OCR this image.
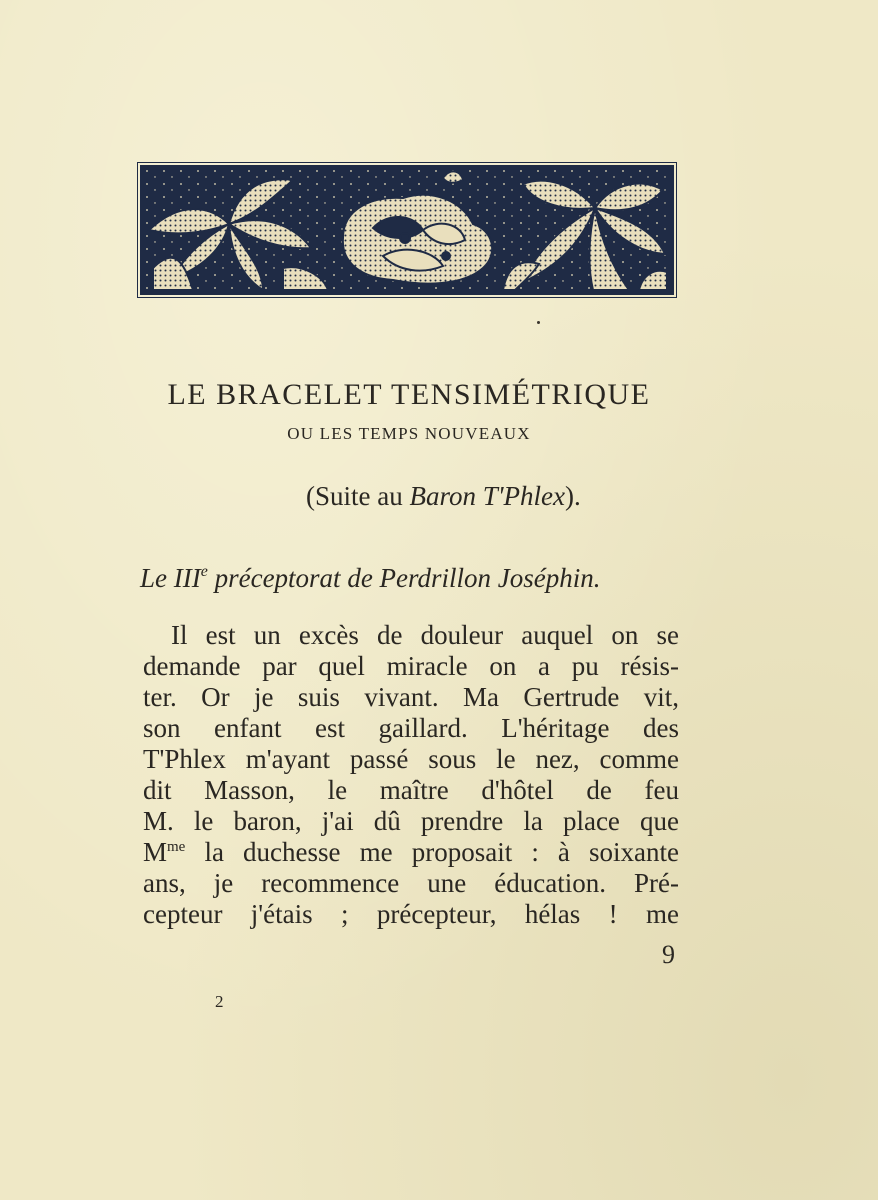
LE BRACELET TENSIMÉTRIQUE
OU LES TEMPS NOUVEAUX
(Suite au Baron T'Phlex).
Le IIIe préceptorat de Perdrillon Joséphin.
Il est un excès de douleur auquel on se
demande par quel miracle on a pu résis-
ter. Or je suis vivant. Ma Gertrude vit,
son enfant est gaillard. L'héritage des
T'Phlex m'ayant passé sous le nez, comme
dit Masson, le maître d'hôtel de feu
M. le baron, j'ai dû prendre la place que
$M^{me}$ la duchesse me proposait : à soixante
ans, je recommence une éducation. Pré-
cepteur j'étais ; précepteur, hélas ! me
9
2
